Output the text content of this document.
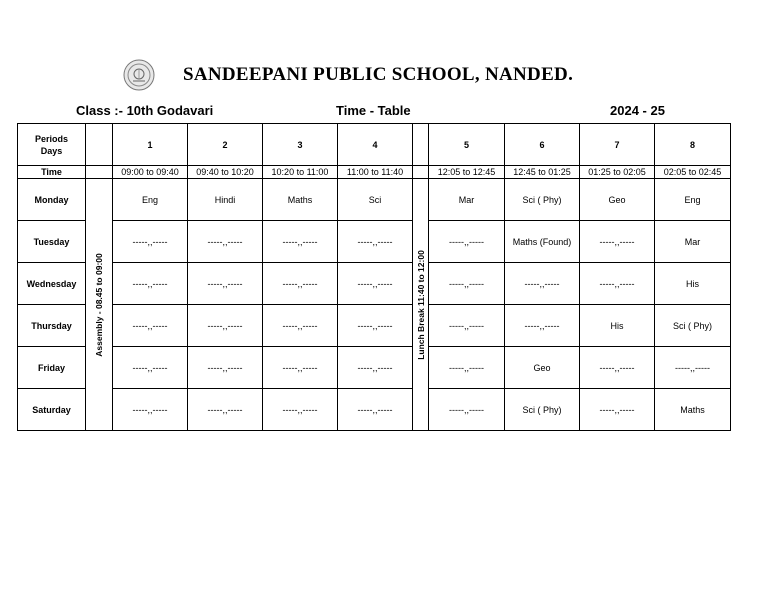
SANDEEPANI PUBLIC SCHOOL, NANDED.
Class :- 10th Godavari	Time - Table	2024 - 25
Periods
Days		1	2	3	4		5	6	7	8
Time		09:00 to 09:40	09:40 to 10:20	10:20 to 11:00	11:00 to 11:40		12:05 to 12:45	12:45 to 01:25	01:25 to 02:05	02:05 to 02:45
Monday	Assembly - 08.45 to 09:00	Eng	Hindi	Maths	Sci	Lunch Break 11:40 to 12:00	Mar	Sci ( Phy)	Geo	Eng
Tuesday		-----,,-----	-----,,-----	-----,,-----	-----,,-----		-----,,-----	Maths (Found)	-----,,-----	Mar
Wednesday		-----,,-----	-----,,-----	-----,,-----	-----,,-----		-----,,-----	-----,,-----	-----,,-----	His
Thursday		-----,,-----	-----,,-----	-----,,-----	-----,,-----		-----,,-----	-----,,-----	His	Sci ( Phy)
Friday		-----,,-----	-----,,-----	-----,,-----	-----,,-----		-----,,-----	Geo	-----,,-----	-----,,-----
Saturday		-----,,-----	-----,,-----	-----,,-----	-----,,-----		-----,,-----	Sci ( Phy)	-----,,-----	Maths
